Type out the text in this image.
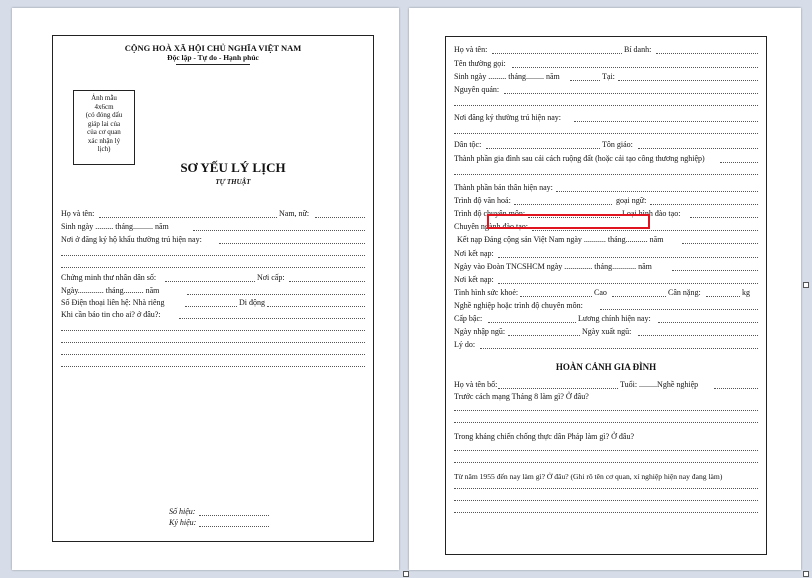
CỘNG HOÀ XÃ HỘI CHỦ NGHĨA VIỆT NAM
Độc lập - Tự do - Hạnh phúc
Ảnh mẫu
4x6cm
(có đóng dấu
giáp lai của
của cơ quan
xác nhận lý
lịch)
SƠ YẾU LÝ LỊCH
TỰ THUẬT
Họ và tên:	Nam, nữ:
Sinh ngày ......... tháng.......... năm
Nơi ở đăng ký hộ khẩu thường trú hiện nay:
Chứng minh thư nhân dân số:	Nơi cấp:
Ngày............. tháng.......... năm
Số Điện thoại liên hệ: Nhà riêng	Di động
Khi cần báo tin cho ai? ở đâu?:
Số hiệu:
Ký hiệu:
Họ và tên:	Bí danh:
Tên thường gọi:
Sinh ngày ......... tháng......... năm	Tại:
Nguyên quán:
Nơi đăng ký thường trú hiện nay:
Dân tộc:	Tôn giáo:
Thành phần gia đình sau cải cách ruộng đất (hoặc cải tạo công thương nghiệp)
Thành phần bản thân hiện nay:
Trình độ văn hoá:	goại ngữ:
Trình độ chuyên môn:	Loại hình đào tạo:
Chuyên ngành đào tạo:
Kết nạp Đảng cộng sản Việt Nam ngày ........... tháng........... năm
Nơi kết nạp:
Ngày vào Đoàn TNCSHCM ngày .............. tháng............ năm
Nơi kết nạp:
Tình hình sức khoẻ:	Cao	Cân nặng:	kg
Nghề nghiệp hoặc trình độ chuyên môn:
Cấp bậc:	Lương chính hiện nay:
Ngày nhập ngũ:	Ngày xuất ngũ:
Lý do:
HOÀN CẢNH GIA ĐÌNH
Họ và tên bố:	Tuổi: .........Nghề nghiệp
Trước cách mạng Tháng 8 làm gì? Ở đâu?
Trong kháng chiến chống thực dân Pháp làm gì? Ở đâu?
Từ năm 1955 đến nay làm gì? Ở đâu? (Ghi rõ tên cơ quan, xí nghiệp hiện nay đang làm)
